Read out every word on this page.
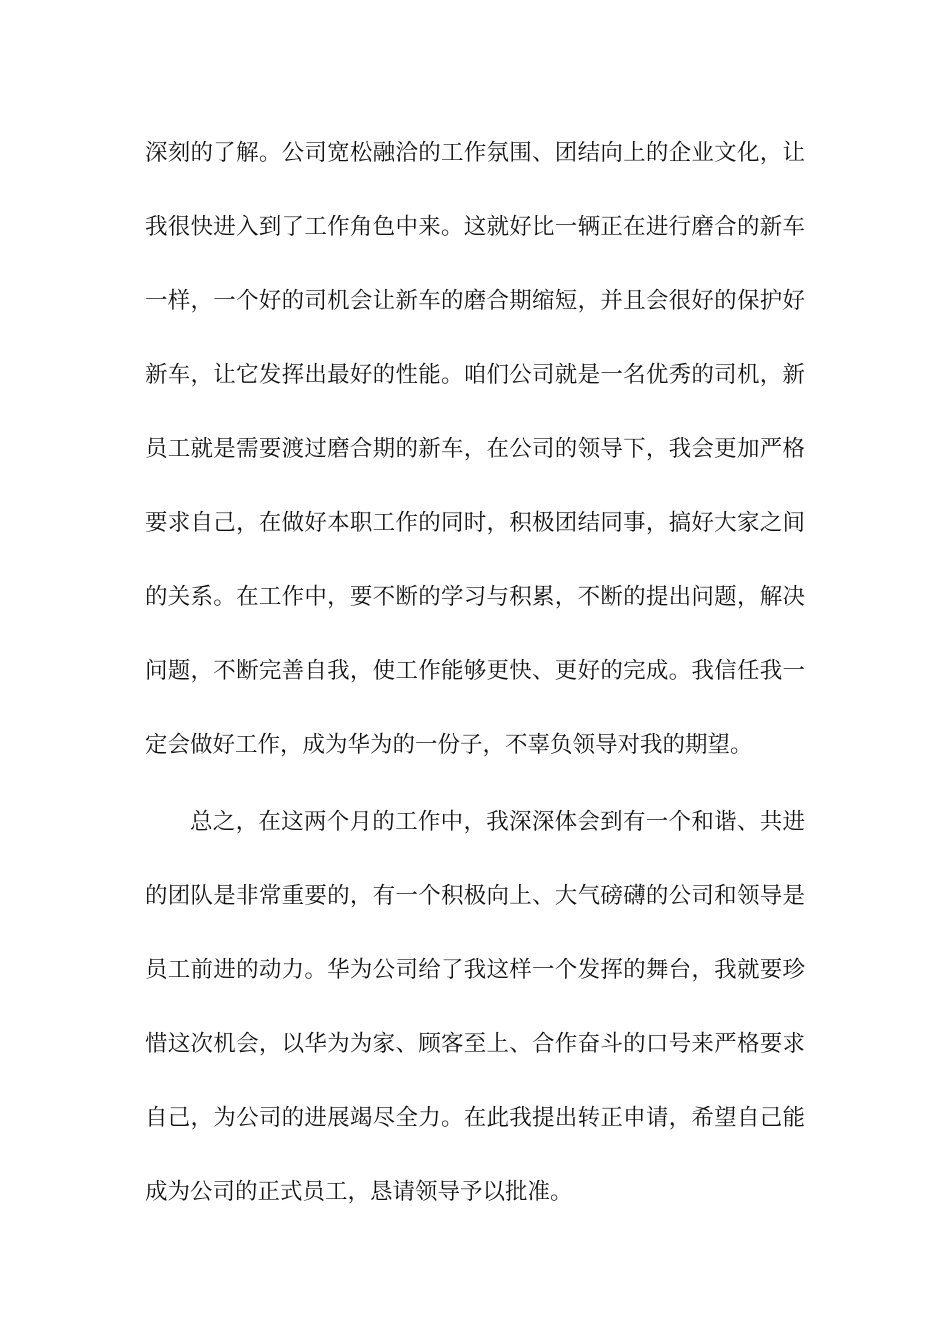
深刻的了解。公司宽松融洽的工作氛围、团结向上的企业文化，让
我很快进入到了工作角色中来。这就好比一辆正在进行磨合的新车
一样，一个好的司机会让新车的磨合期缩短，并且会很好的保护好
新车，让它发挥出最好的性能。咱们公司就是一名优秀的司机，新
员工就是需要渡过磨合期的新车，在公司的领导下，我会更加严格
要求自己，在做好本职工作的同时，积极团结同事，搞好大家之间
的关系。在工作中，要不断的学习与积累，不断的提出问题，解决
问题，不断完善自我，使工作能够更快、更好的完成。我信任我一
定会做好工作，成为华为的一份子，不辜负领导对我的期望。
总之，在这两个月的工作中，我深深体会到有一个和谐、共进
的团队是非常重要的，有一个积极向上、大气磅礴的公司和领导是
员工前进的动力。华为公司给了我这样一个发挥的舞台，我就要珍
惜这次机会，以华为为家、顾客至上、合作奋斗的口号来严格要求
自己，为公司的进展竭尽全力。在此我提出转正申请，希望自己能
成为公司的正式员工，恳请领导予以批准。
